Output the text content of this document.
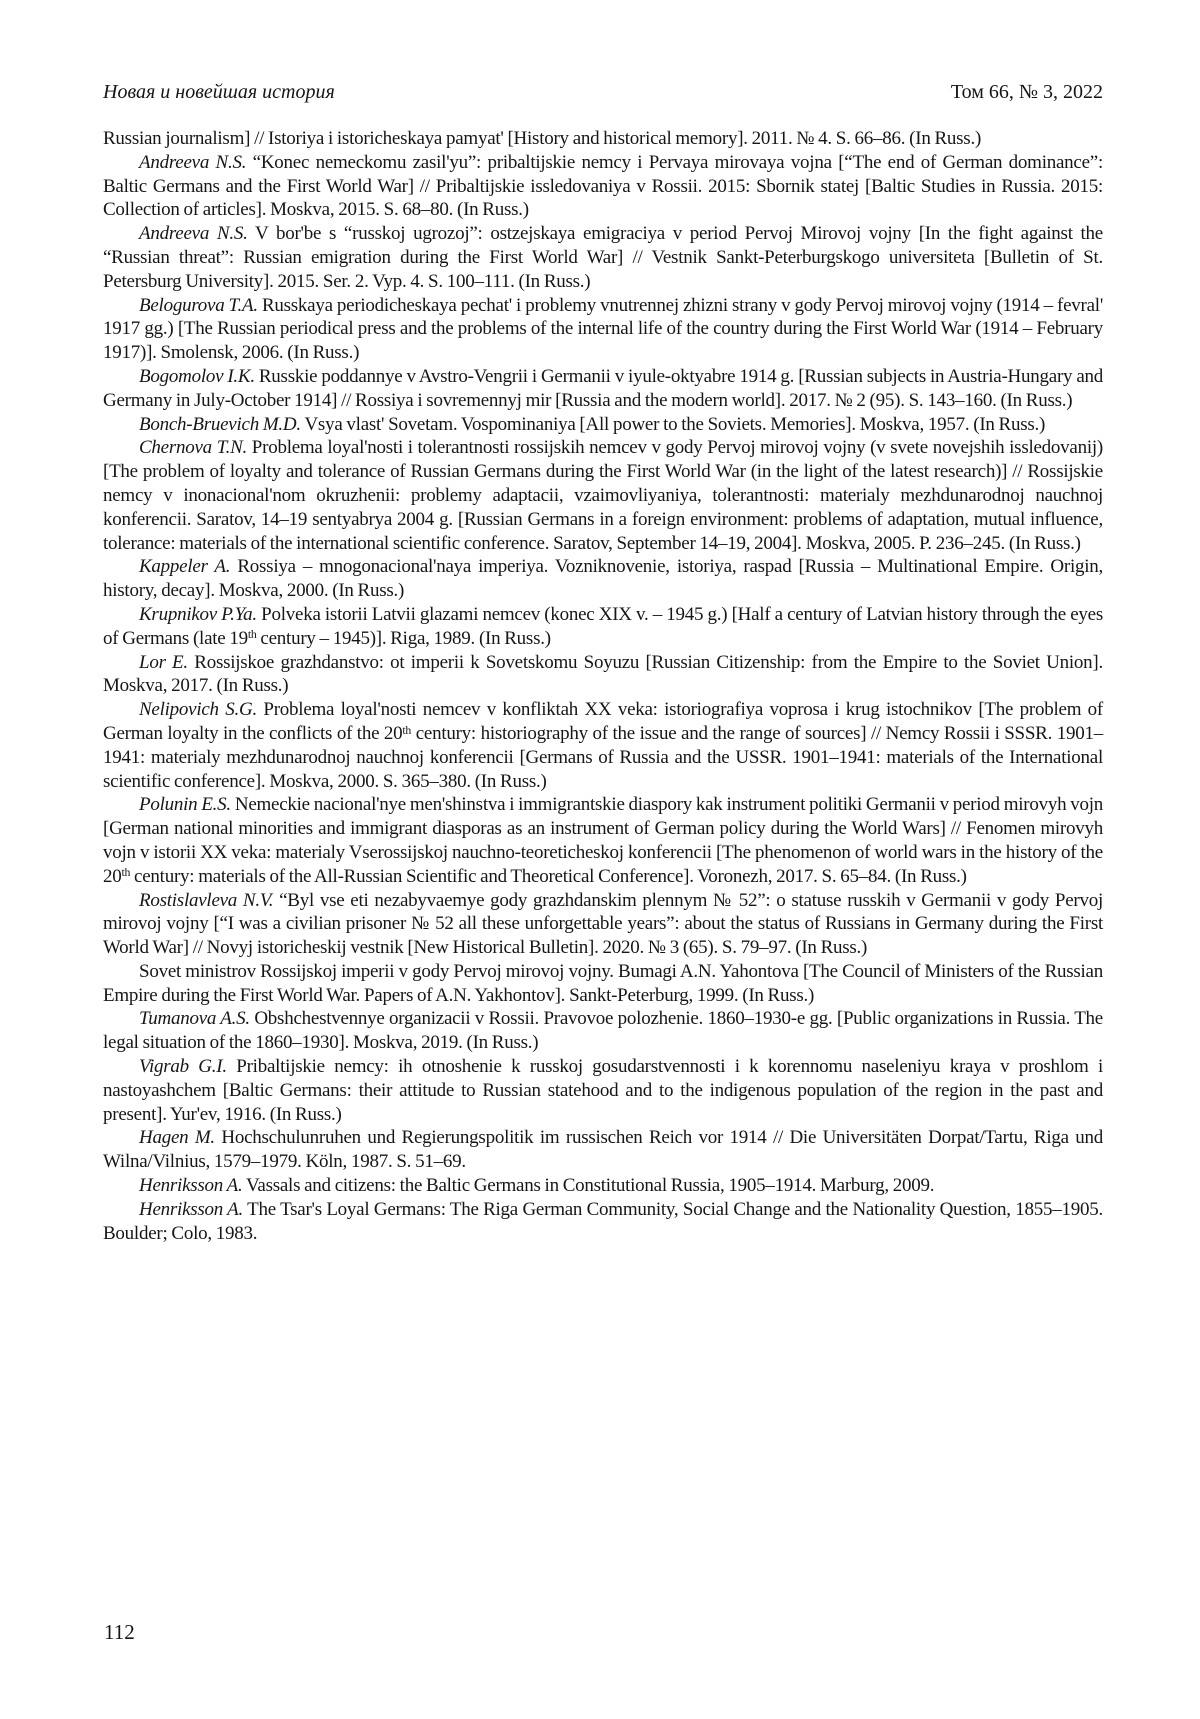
Новая и новейшая история	Том 66, № 3, 2022

Russian journalism] // Istoriya i istoricheskaya pamyat' [History and historical memory]. 2011. № 4. S. 66–86. (In Russ.)

Andreeva N.S. “Konec nemeckomu zasil'yu”: pribaltijskie nemcy i Pervaya mirovaya vojna [“The end of German dominance”: Baltic Germans and the First World War] // Pribaltijskie issledovaniya v Rossii. 2015: Sbornik statej [Baltic Studies in Russia. 2015: Collection of articles]. Moskva, 2015. S. 68–80. (In Russ.)

Andreeva N.S. V bor'be s “russkoj ugrozoj”: ostzejskaya emigraciya v period Pervoj Mirovoj vojny [In the fight against the “Russian threat”: Russian emigration during the First World War] // Vestnik Sankt-Peterburgskogo universiteta [Bulletin of St. Petersburg University]. 2015. Ser. 2. Vyp. 4. S. 100–111. (In Russ.)

Belogurova T.A. Russkaya periodicheskaya pechat' i problemy vnutrennej zhizni strany v gody Pervoj mirovoj vojny (1914 – fevral' 1917 gg.) [The Russian periodical press and the problems of the internal life of the country during the First World War (1914 – February 1917)]. Smolensk, 2006. (In Russ.)

Bogomolov I.K. Russkie poddannye v Avstro-Vengrii i Germanii v iyule-oktyabre 1914 g. [Russian subjects in Austria-Hungary and Germany in July-October 1914] // Rossiya i sovremennyj mir [Russia and the modern world]. 2017. № 2 (95). S. 143–160. (In Russ.)

Bonch-Bruevich M.D. Vsya vlast' Sovetam. Vospominaniya [All power to the Soviets. Memories]. Moskva, 1957. (In Russ.)

Chernova T.N. Problema loyal'nosti i tolerantnosti rossijskih nemcev v gody Pervoj mirovoj vojny (v svete novejshih issledovanij) [The problem of loyalty and tolerance of Russian Germans during the First World War (in the light of the latest research)] // Rossijskie nemcy v inonacional'nom okruzhenii: problemy adaptacii, vzaimovliyaniya, tolerantnosti: materialy mezhdunarodnoj nauchnoj konferencii. Saratov, 14–19 sentyabrya 2004 g. [Russian Germans in a foreign environment: problems of adaptation, mutual influence, tolerance: materials of the international scientific conference. Saratov, September 14–19, 2004]. Moskva, 2005. P. 236–245. (In Russ.)

Kappeler A. Rossiya – mnogonacional'naya imperiya. Vozniknovenie, istoriya, raspad [Russia – Multinational Empire. Origin, history, decay]. Moskva, 2000. (In Russ.)

Krupnikov P.Ya. Polveka istorii Latvii glazami nemcev (konec XIX v. – 1945 g.) [Half a century of Latvian history through the eyes of Germans (late 19th century – 1945)]. Riga, 1989. (In Russ.)

Lor E. Rossijskoe grazhdanstvo: ot imperii k Sovetskomu Soyuzu [Russian Citizenship: from the Empire to the Soviet Union]. Moskva, 2017. (In Russ.)

Nelipovich S.G. Problema loyal'nosti nemcev v konfliktah XX veka: istoriografiya voprosa i krug istochnikov [The problem of German loyalty in the conflicts of the 20th century: historiography of the issue and the range of sources] // Nemcy Rossii i SSSR. 1901–1941: materialy mezhdunarodnoj nauchnoj konferencii [Germans of Russia and the USSR. 1901–1941: materials of the International scientific conference]. Moskva, 2000. S. 365–380. (In Russ.)

Polunin E.S. Nemeckie nacional'nye men'shinstva i immigrantskie diaspory kak instrument politiki Germanii v period mirovyh vojn [German national minorities and immigrant diasporas as an instrument of German policy during the World Wars] // Fenomen mirovyh vojn v istorii XX veka: materialy Vserossijskoj nauchno-teoreticheskoj konferencii [The phenomenon of world wars in the history of the 20th century: materials of the All-Russian Scientific and Theoretical Conference]. Voronezh, 2017. S. 65–84. (In Russ.)

Rostislavleva N.V. “Byl vse eti nezabyvaemye gody grazhdanskim plennym № 52”: o statuse russkih v Germanii v gody Pervoj mirovoj vojny [“I was a civilian prisoner № 52 all these unforgettable years”: about the status of Russians in Germany during the First World War] // Novyj istoricheskij vestnik [New Historical Bulletin]. 2020. № 3 (65). S. 79–97. (In Russ.)

Sovet ministrov Rossijskoj imperii v gody Pervoj mirovoj vojny. Bumagi A.N. Yahontova [The Council of Ministers of the Russian Empire during the First World War. Papers of A.N. Yakhontov]. Sankt-Peterburg, 1999. (In Russ.)

Tumanova A.S. Obshchestvennye organizacii v Rossii. Pravovoe polozhenie. 1860–1930-e gg. [Public organizations in Russia. The legal situation of the 1860–1930]. Moskva, 2019. (In Russ.)

Vigrab G.I. Pribaltijskie nemcy: ih otnoshenie k russkoj gosudarstvennosti i k korennomu naseleniyu kraya v proshlom i nastoyashchem [Baltic Germans: their attitude to Russian statehood and to the indigenous population of the region in the past and present]. Yur'ev, 1916. (In Russ.)

Hagen M. Hochschulunruhen und Regierungspolitik im russischen Reich vor 1914 // Die Universitäten Dorpat/Tartu, Riga und Wilna/Vilnius, 1579–1979. Köln, 1987. S. 51–69.

Henriksson A. Vassals and citizens: the Baltic Germans in Constitutional Russia, 1905–1914. Marburg, 2009.

Henriksson A. The Tsar's Loyal Germans: The Riga German Community, Social Change and the Nationality Question, 1855–1905. Boulder; Colo, 1983.

112
